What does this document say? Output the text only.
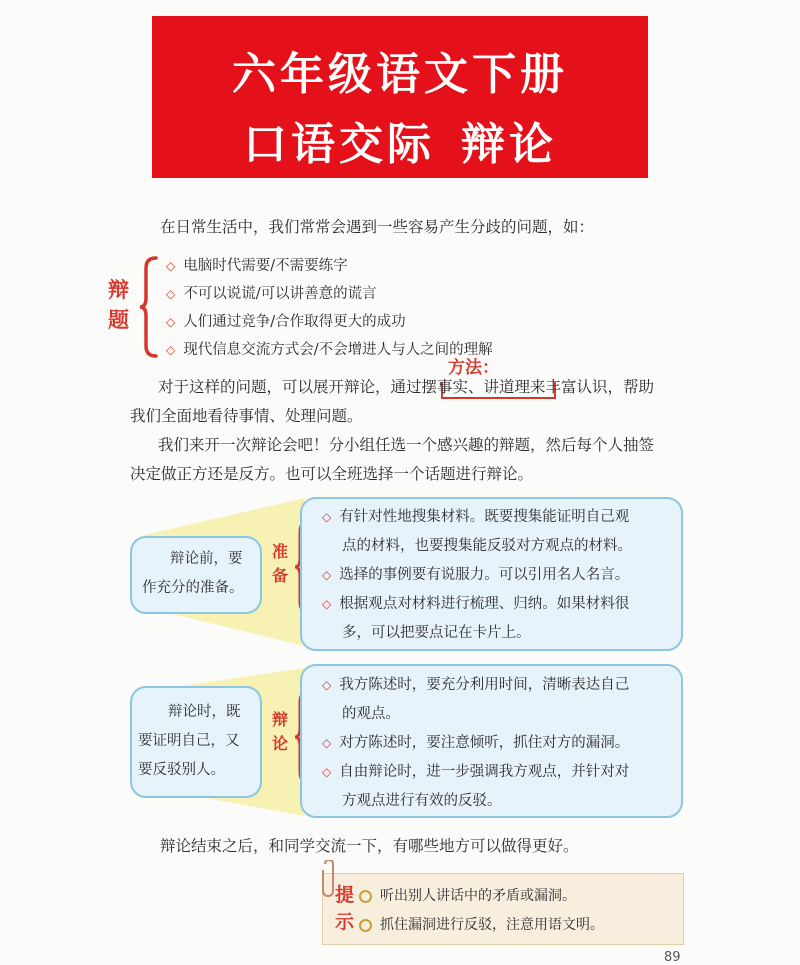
六年级语文下册
口语交际 辩论
在日常生活中，我们常常会遇到一些容易产生分歧的问题，如：
辩
题
◇ 电脑时代需要/不需要练字
◇ 不可以说谎/可以讲善意的谎言
◇ 人们通过竞争/合作取得更大的成功
◇ 现代信息交流方式会/不会增进人与人之间的理解
方法：
对于这样的问题，可以展开辩论，通过摆事实、讲道理来丰富认识，帮助
我们全面地看待事情、处理问题。
我们来开一次辩论会吧！分小组任选一个感兴趣的辩题，然后每个人抽签
决定做正方还是反方。也可以全班选择一个话题进行辩论。
辩论前，要
作充分的准备。
准
备
◇ 有针对性地搜集材料。既要搜集能证明自己观
点的材料，也要搜集能反驳对方观点的材料。
◇ 选择的事例要有说服力。可以引用名人名言。
◇ 根据观点对材料进行梳理、归纳。如果材料很
多，可以把要点记在卡片上。
辩论时，既
要证明自己，又
要反驳别人。
辩
论
◇ 我方陈述时，要充分利用时间，清晰表达自己
的观点。
◇ 对方陈述时，要注意倾听，抓住对方的漏洞。
◇ 自由辩论时，进一步强调我方观点，并针对对
方观点进行有效的反驳。
辩论结束之后，和同学交流一下，有哪些地方可以做得更好。
提
示
听出别人讲话中的矛盾或漏洞。
抓住漏洞进行反驳，注意用语文明。
89
